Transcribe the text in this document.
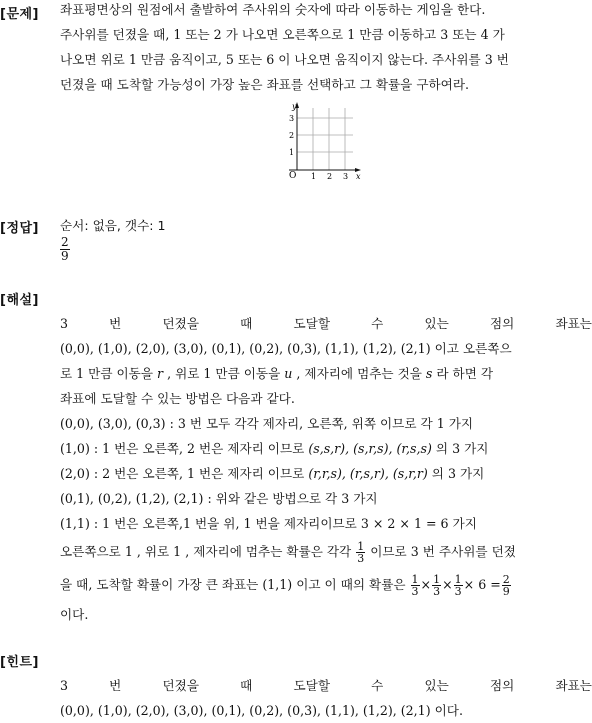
[문제] 좌표평면상의 원점에서 출발하여 주사위의 숫자에 따라 이동하는 게임을 한다.
주사위를 던졌을 때, 1 또는 2 가 나오면 오른쪽으로 1 만큼 이동하고 3 또는 4 가
나오면 위로 1 만큼 움직이고, 5 또는 6 이 나오면 움직이지 않는다. 주사위를 3 번
던졌을 때 도착할 가능성이 가장 높은 좌표를 선택하고 그 확률을 구하여라.
y
x
O 1 2 3
1
2
3
[정답] 순서: 없음, 갯수: 1
$\frac{2}{9}$
[해설]
3	번	던졌을	때	도달할	수	있는	점의	좌표는
(0,0), (1,0), (2,0), (3,0), (0,1), (0,2), (0,3), (1,1), (1,2), (2,1) 이고 오른쪽으
로 1 만큼 이동을 r , 위로 1 만큼 이동을 u , 제자리에 멈추는 것을 s 라 하면 각
좌표에 도달할 수 있는 방법은 다음과 같다.
(0,0), (3,0), (0,3) : 3 번 모두 각각 제자리, 오른쪽, 위쪽 이므로 각 1 가지
(1,0) : 1 번은 오른쪽, 2 번은 제자리 이므로 (s,s,r), (s,r,s), (r,s,s) 의 3 가지
(2,0) : 2 번은 오른쪽, 1 번은 제자리 이므로 (r,r,s), (r,s,r), (s,r,r) 의 3 가지
(0,1), (0,2), (1,2), (2,1) : 위와 같은 방법으로 각 3 가지
(1,1) : 1 번은 오른쪽,1 번을 위, 1 번을 제자리이므로 3 × 2 × 1 = 6 가지
오른쪽으로 1 , 위로 1 , 제자리에 멈추는 확률은 각각 $\frac{1}{3}$ 이므로 3 번 주사위를 던졌
을 때, 도착할 확률이 가장 큰 좌표는 (1,1) 이고 이 때의 확률은 $\frac{1}{3} \times \frac{1}{3} \times \frac{1}{3} \times 6 = \frac{2}{9}$
이다.
[힌트]
3	번	던졌을	때	도달할	수	있는	점의	좌표는
(0,0), (1,0), (2,0), (3,0), (0,1), (0,2), (0,3), (1,1), (1,2), (2,1) 이다.
